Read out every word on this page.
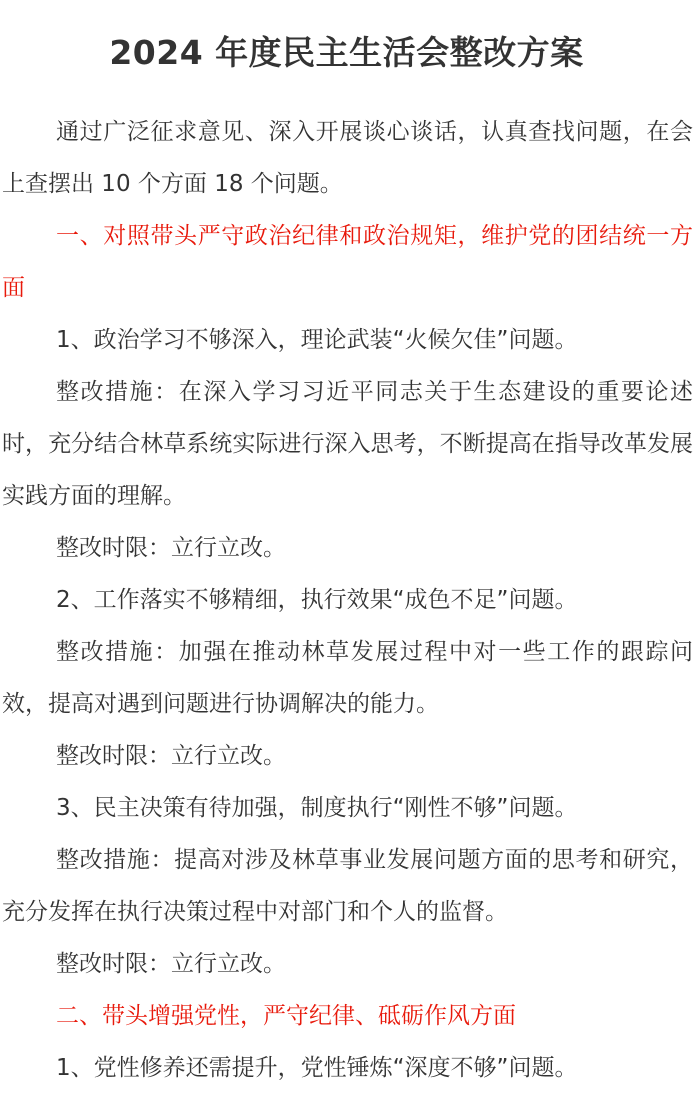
2024 年度民主生活会整改方案

通过广泛征求意见、深入开展谈心谈话，认真查找问题，在会上查摆出 10 个方面 18 个问题。

一、对照带头严守政治纪律和政治规矩，维护党的团结统一方面

1、政治学习不够深入，理论武装“火候欠佳”问题。

整改措施：在深入学习习近平同志关于生态建设的重要论述时，充分结合林草系统实际进行深入思考，不断提高在指导改革发展实践方面的理解。

整改时限：立行立改。

2、工作落实不够精细，执行效果“成色不足”问题。

整改措施：加强在推动林草发展过程中对一些工作的跟踪问效，提高对遇到问题进行协调解决的能力。

整改时限：立行立改。

3、民主决策有待加强，制度执行“刚性不够”问题。

整改措施：提高对涉及林草事业发展问题方面的思考和研究，充分发挥在执行决策过程中对部门和个人的监督。

整改时限：立行立改。

二、带头增强党性，严守纪律、砥砺作风方面

1、党性修养还需提升，党性锤炼“深度不够”问题。
